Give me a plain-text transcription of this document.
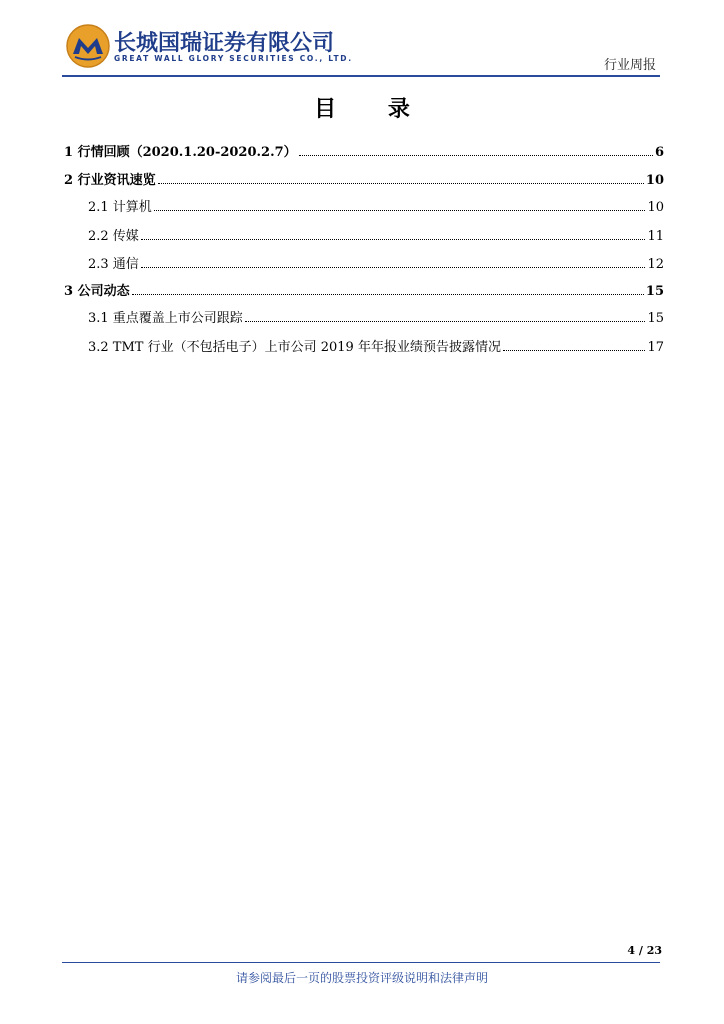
长城国瑞证券有限公司
GREAT WALL GLORY SECURITIES CO., LTD.	行业周报
目 录
1 行情回顾（2020.1.20-2020.2.7）	6
2 行业资讯速览	10
2.1 计算机	10
2.2 传媒	11
2.3 通信	12
3 公司动态	15
3.1 重点覆盖上市公司跟踪	15
3.2 TMT 行业（不包括电子）上市公司 2019 年年报业绩预告披露情况	17
4 / 23
请参阅最后一页的股票投资评级说明和法律声明
